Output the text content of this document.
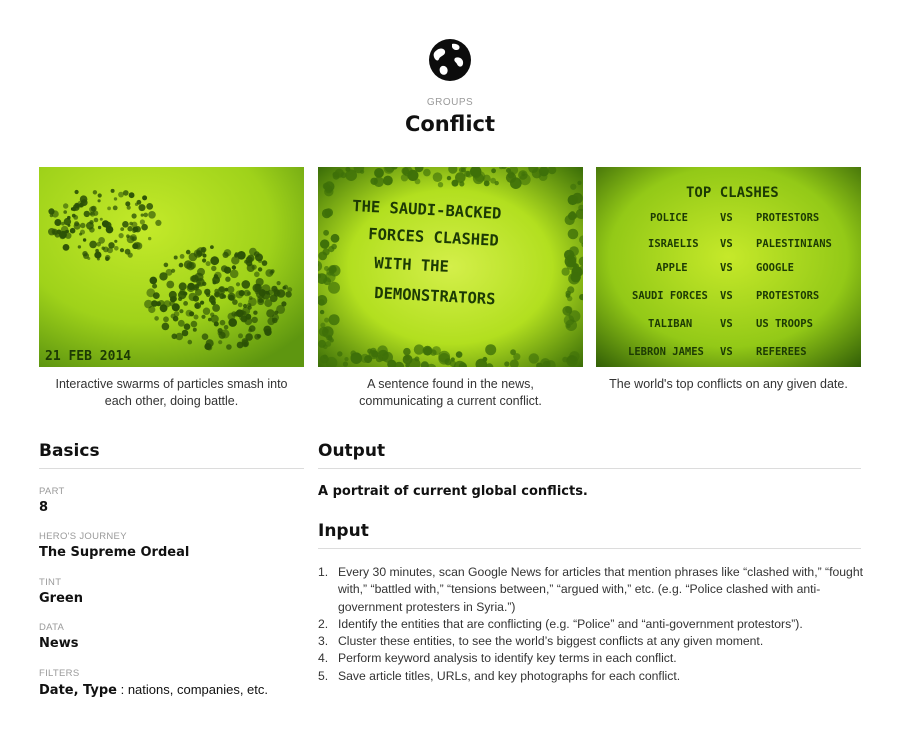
GROUPS
Conflict
21 FEB 2014

Interactive swarms of particles smash into each other, doing battle.

THE SAUDI-BACKED
FORCES CLASHED
WITH THE
DEMONSTRATORS

A sentence found in the news, communicating a current conflict.

TOP CLASHES
POLICE	VS PROTESTORS
ISRAELIS VS PALESTINIANS
APPLE	VS GOOGLE
SAUDI FORCES VS PROTESTORS
TALIBAN	VS US TROOPS
LEBRON JAMES VS REFEREES

The world's top conflicts on any given date.

Basics
PART
8
HERO'S JOURNEY
The Supreme Ordeal
TINT
Green
DATA
News
FILTERS
Date, Type : nations, companies, etc.
Output

A portrait of current global conflicts.

Input
1. Every 30 minutes, scan Google News for articles that mention phrases like “clashed with,” “fought with,” “battled with,” “tensions between,” “argued with,” etc. (e.g. “Police clashed with anti-government protesters in Syria.”)
2. Identify the entities that are conflicting (e.g. “Police” and “anti-government protestors”).
3. Cluster these entities, to see the world’s biggest conflicts at any given moment.
4. Perform keyword analysis to identify key terms in each conflict.
5. Save article titles, URLs, and key photographs for each conflict.
